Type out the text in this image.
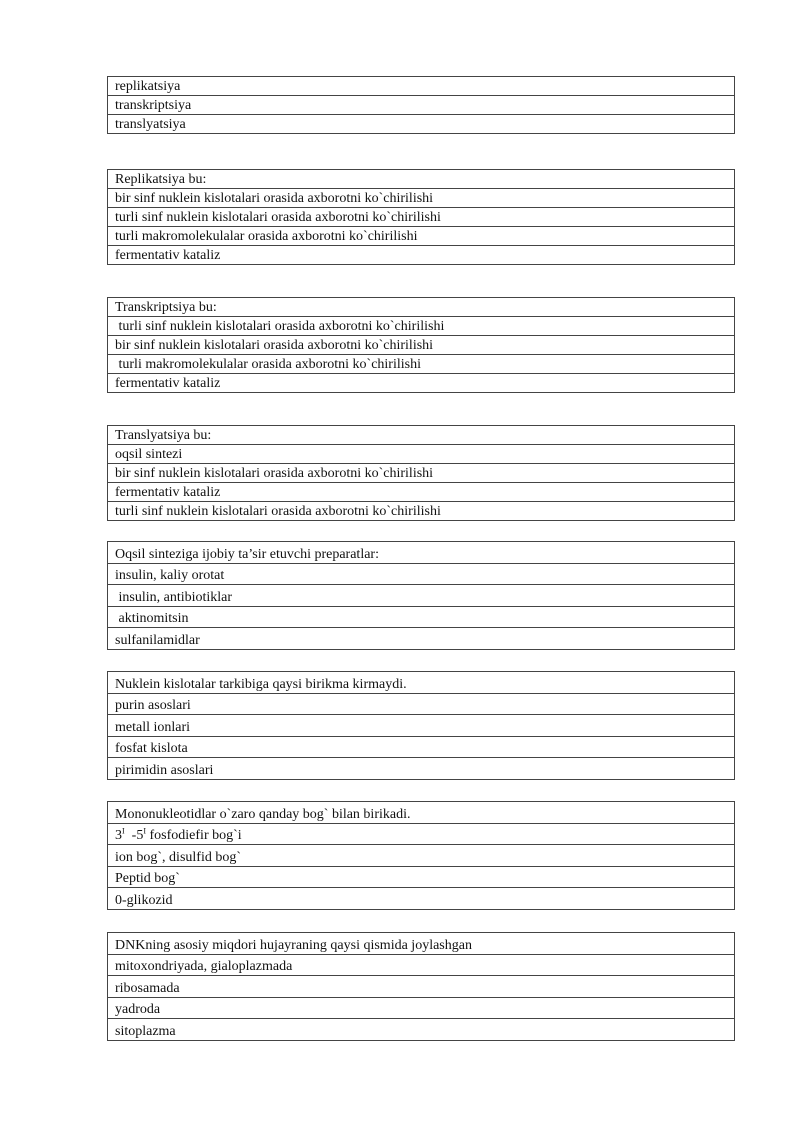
replikatsiya
transkriptsiya
translyatsiya
Replikatsiya bu:
bir sinf nuklein kislotalari orasida axborotni ko`chirilishi
turli sinf nuklein kislotalari orasida axborotni ko`chirilishi
turli makromolekulalar orasida axborotni ko`chirilishi
fermentativ kataliz
Transkriptsiya bu:
turli sinf nuklein kislotalari orasida axborotni ko`chirilishi
bir sinf nuklein kislotalari orasida axborotni ko`chirilishi
turli makromolekulalar orasida axborotni ko`chirilishi
fermentativ kataliz
Translyatsiya bu:
oqsil sintezi
bir sinf nuklein kislotalari orasida axborotni ko`chirilishi
fermentativ kataliz
turli sinf nuklein kislotalari orasida axborotni ko`chirilishi
Oqsil sinteziga ijobiy ta’sir etuvchi preparatlar:
insulin, kaliy orotat
insulin, antibiotiklar
aktinomitsin
sulfanilamidlar
Nuklein kislotalar tarkibiga qaysi birikma kirmaydi.
purin asoslari
metall ionlari
fosfat kislota
pirimidin asoslari
Mononukleotidlar o`zaro qanday bog` bilan birikadi.
$3^I$  $-5^I$ fosfodiefir bog`i
ion bog`, disulfid bog`
Peptid bog`
0-glikozid
DNKning asosiy miqdori hujayraning qaysi qismida joylashgan
mitoxondriyada, gialoplazmada
ribosamada
yadroda
sitoplazma
